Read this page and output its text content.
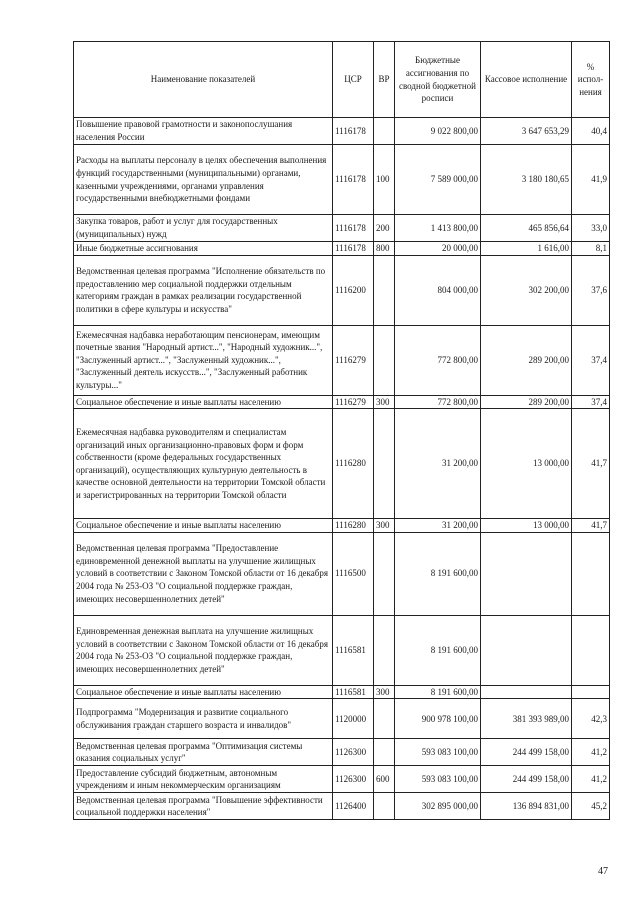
Наименование показателей	ЦСР	ВР	Бюджетные ассигнования по сводной бюджетной росписи	Кассовое исполнение	% испол-нения
Повышение правовой грамотности и законопослушания населения России	1116178		9 022 800,00	3 647 653,29	40,4
Расходы на выплаты персоналу в целях обеспечения выполнения функций государственными (муниципальными) органами, казенными учреждениями, органами управления государственными внебюджетными фондами	1116178	100	7 589 000,00	3 180 180,65	41,9
Закупка товаров, работ и услуг для государственных (муниципальных) нужд	1116178	200	1 413 800,00	465 856,64	33,0
Иные бюджетные ассигнования	1116178	800	20 000,00	1 616,00	8,1
Ведомственная целевая программа "Исполнение обязательств по предоставлению мер социальной поддержки отдельным категориям граждан в рамках реализации государственной политики в сфере культуры и искусства"	1116200		804 000,00	302 200,00	37,6
Ежемесячная надбавка неработающим пенсионерам, имеющим почетные звания "Народный артист...", "Народный художник...", "Заслуженный артист...", "Заслуженный художник...", "Заслуженный деятель искусств...", "Заслуженный работник культуры..."	1116279		772 800,00	289 200,00	37,4
Социальное обеспечение и иные выплаты населению	1116279	300	772 800,00	289 200,00	37,4
Ежемесячная надбавка руководителям и специалистам организаций иных организационно-правовых форм и форм собственности (кроме федеральных государственных организаций), осуществляющих культурную деятельность в качестве основной деятельности на территории Томской области и зарегистрированных на территории Томской области	1116280		31 200,00	13 000,00	41,7
Социальное обеспечение и иные выплаты населению	1116280	300	31 200,00	13 000,00	41,7
Ведомственная целевая программа "Предоставление единовременной денежной выплаты на улучшение жилищных условий в соответствии с Законом Томской области от 16 декабря 2004 года № 253-ОЗ "О социальной поддержке граждан, имеющих несовершеннолетних детей"	1116500		8 191 600,00		
Единовременная денежная выплата на улучшение жилищных условий в соответствии с Законом Томской области от 16 декабря 2004 года № 253-ОЗ "О социальной поддержке граждан, имеющих несовершеннолетних детей"	1116581		8 191 600,00		
Социальное обеспечение и иные выплаты населению	1116581	300	8 191 600,00		
Подпрограмма "Модернизация и развитие социального обслуживания граждан старшего возраста и инвалидов"	1120000		900 978 100,00	381 393 989,00	42,3
Ведомственная целевая программа "Оптимизация системы оказания социальных услуг"	1126300		593 083 100,00	244 499 158,00	41,2
Предоставление субсидий бюджетным, автономным учреждениям и иным некоммерческим организациям	1126300	600	593 083 100,00	244 499 158,00	41,2
Ведомственная целевая программа "Повышение эффективности социальной поддержки населения"	1126400		302 895 000,00	136 894 831,00	45,2
47
